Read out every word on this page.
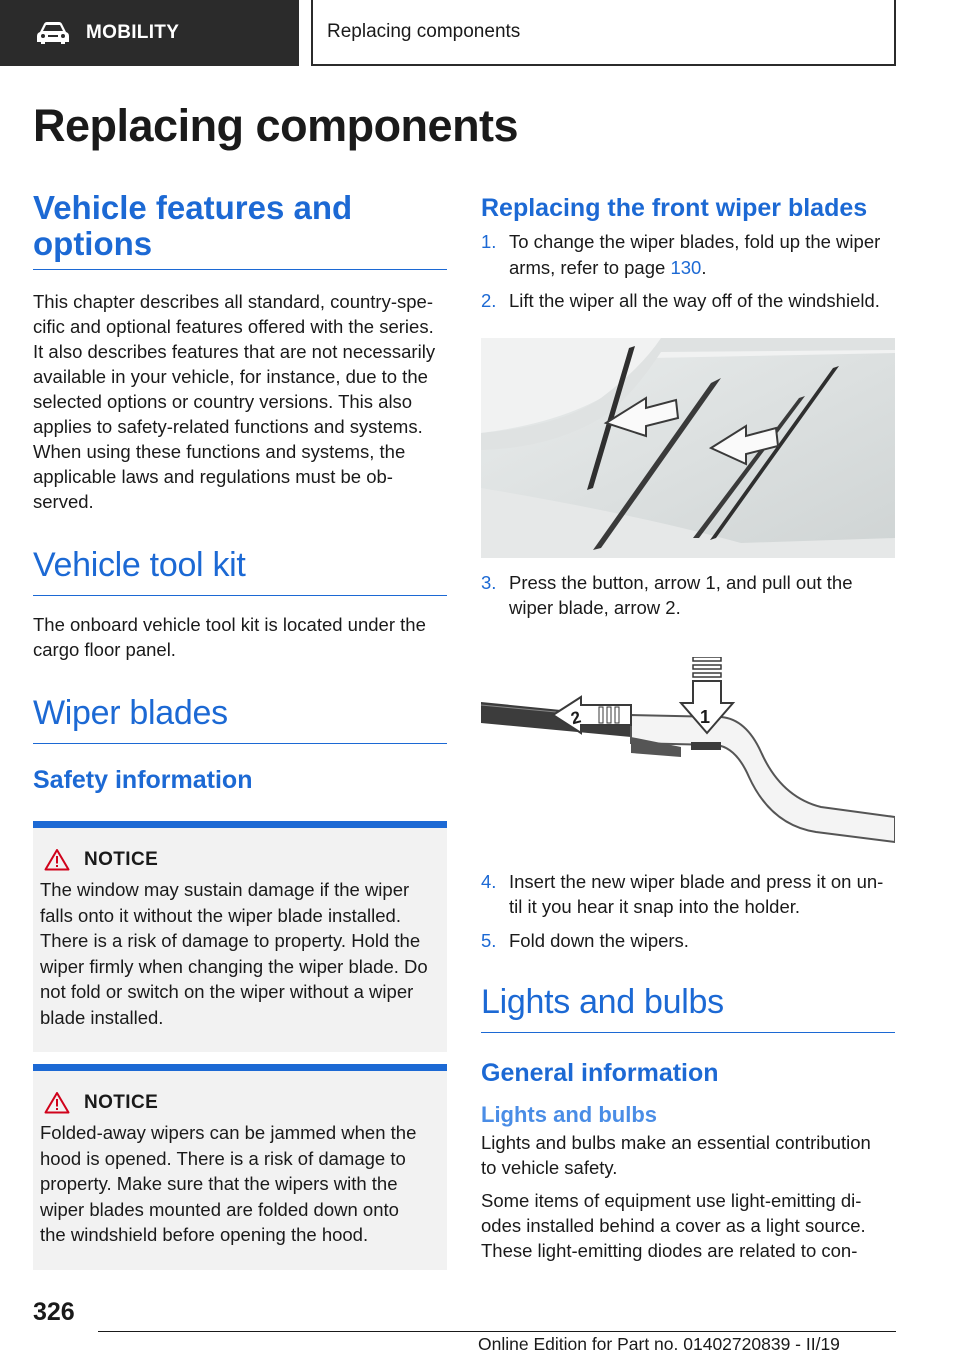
MOBILITY	Replacing components
Replacing components
Vehicle features and options

This chapter describes all standard, country-spe-
cific and optional features offered with the series.
It also describes features that are not necessarily
available in your vehicle, for instance, due to the
selected options or country versions. This also
applies to safety-related functions and systems.
When using these functions and systems, the
applicable laws and regulations must be ob-
served.

Vehicle tool kit

The onboard vehicle tool kit is located under the
cargo floor panel.

Wiper blades
Safety information
NOTICE
The window may sustain damage if the wiper
falls onto it without the wiper blade installed.
There is a risk of damage to property. Hold the
wiper firmly when changing the wiper blade. Do
not fold or switch on the wiper without a wiper
blade installed.
NOTICE
Folded-away wipers can be jammed when the
hood is opened. There is a risk of damage to
property. Make sure that the wipers with the
wiper blades mounted are folded down onto
the windshield before opening the hood.
Replacing the front wiper blades
1. To change the wiper blades, fold up the wiper
arms, refer to page 130.
2. Lift the wiper all the way off of the windshield.
3. Press the button, arrow 1, and pull out the
wiper blade, arrow 2.
1
2
4. Insert the new wiper blade and press it on un-
til it you hear it snap into the holder.
5. Fold down the wipers.
Lights and bulbs
General information
Lights and bulbs

Lights and bulbs make an essential contribution
to vehicle safety.

Some items of equipment use light-emitting di-
odes installed behind a cover as a light source.
These light-emitting diodes are related to con-

326
Online Edition for Part no. 01402720839 - II/19
